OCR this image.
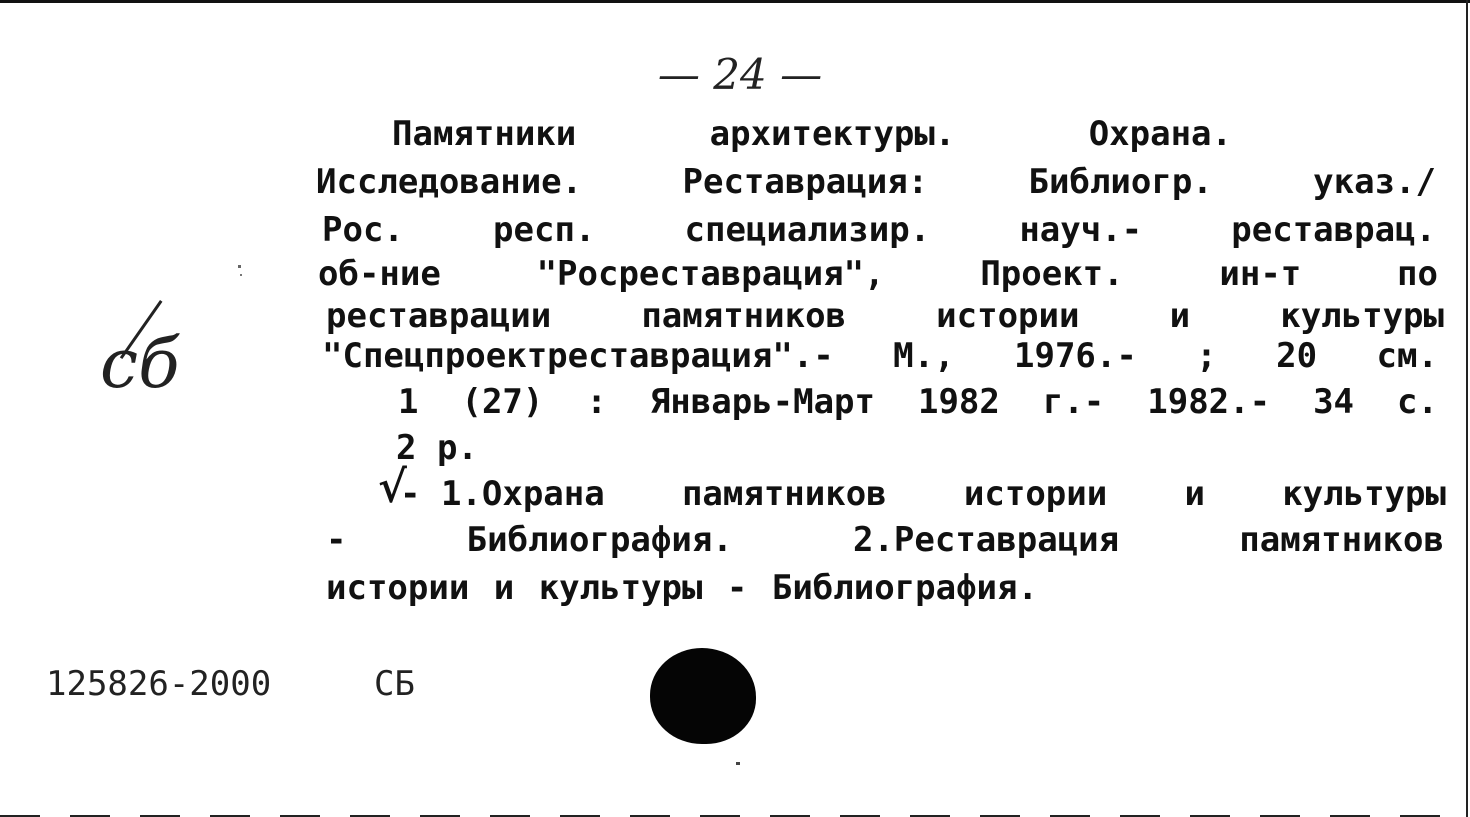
— 24 —
Памятники	архитектуры.	Охрана.
Исследование.	Реставрация:	Библиогр.	указ./
Рос.	респ.	специализир.	науч.-	реставрац.
об-ние	"Росреставрация",	Проект.	ин-т	по
реставрации	памятников	истории	и	культуры
"Спецпроектреставрация".- М., 1976.- ; 20 см.
1 (27) : Январь-Март 1982 г.- 1982.- 34 с.
2 р.
√
- 1.Охрана памятников истории и культуры
-	Библиография.	2.Реставрация	памятников
истории и культуры - Библиография.
125826-2000	СБ
сб
